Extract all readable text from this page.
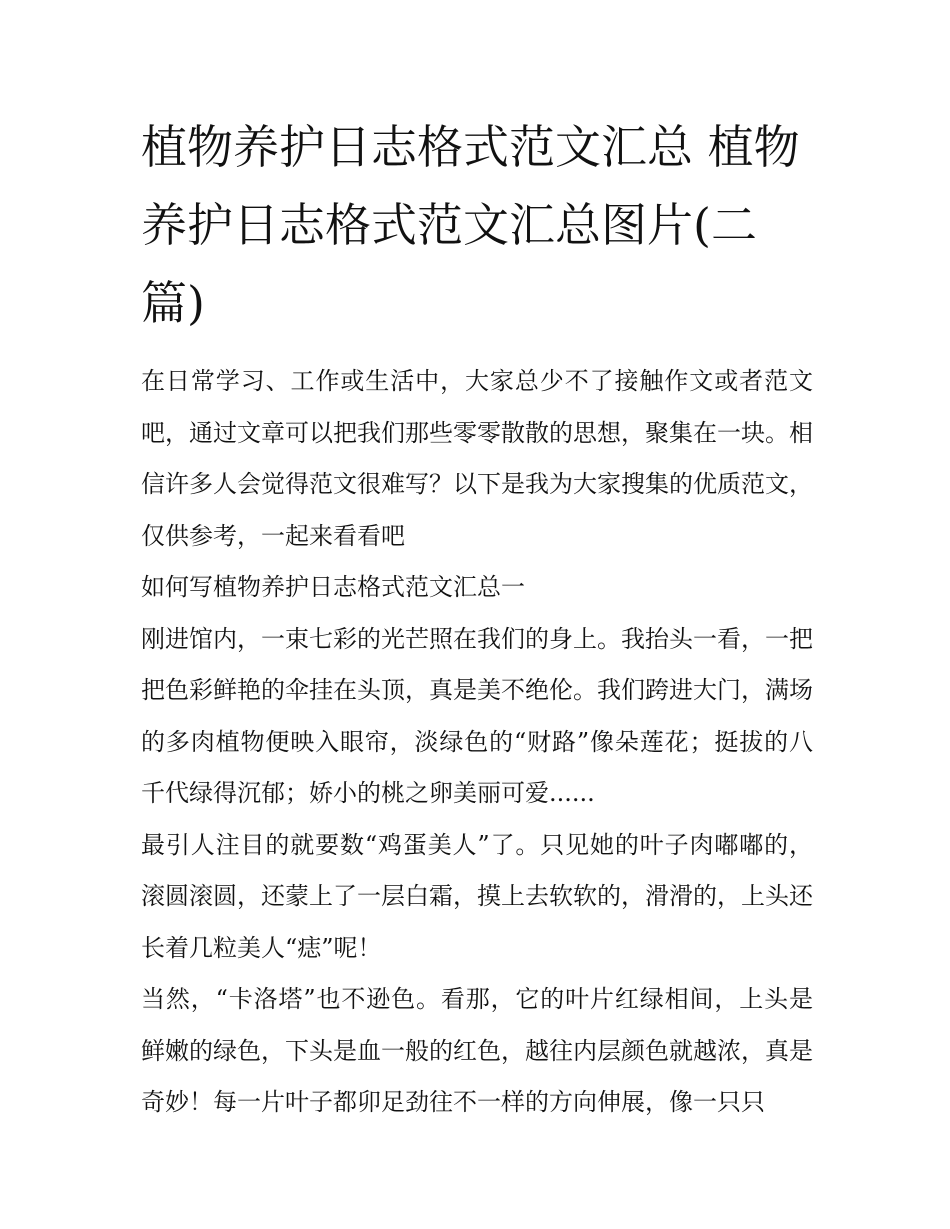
植物养护日志格式范文汇总 植物养护日志格式范文汇总图片(二篇)

在日常学习、工作或生活中，大家总少不了接触作文或者范文吧，通过文章可以把我们那些零零散散的思想，聚集在一块。相信许多人会觉得范文很难写？以下是我为大家搜集的优质范文，仅供参考，一起来看看吧

如何写植物养护日志格式范文汇总一

刚进馆内，一束七彩的光芒照在我们的身上。我抬头一看，一把把色彩鲜艳的伞挂在头顶，真是美不绝伦。我们跨进大门，满场的多肉植物便映入眼帘，淡绿色的“财路”像朵莲花；挺拔的八千代绿得沉郁；娇小的桃之卵美丽可爱......

最引人注目的就要数“鸡蛋美人”了。只见她的叶子肉嘟嘟的，滚圆滚圆，还蒙上了一层白霜，摸上去软软的，滑滑的，上头还长着几粒美人“痣”呢！

当然，“卡洛塔”也不逊色。看那，它的叶片红绿相间，上头是鲜嫩的绿色，下头是血一般的红色，越往内层颜色就越浓，真是奇妙！每一片叶子都卯足劲往不一样的方向伸展，像一只只
